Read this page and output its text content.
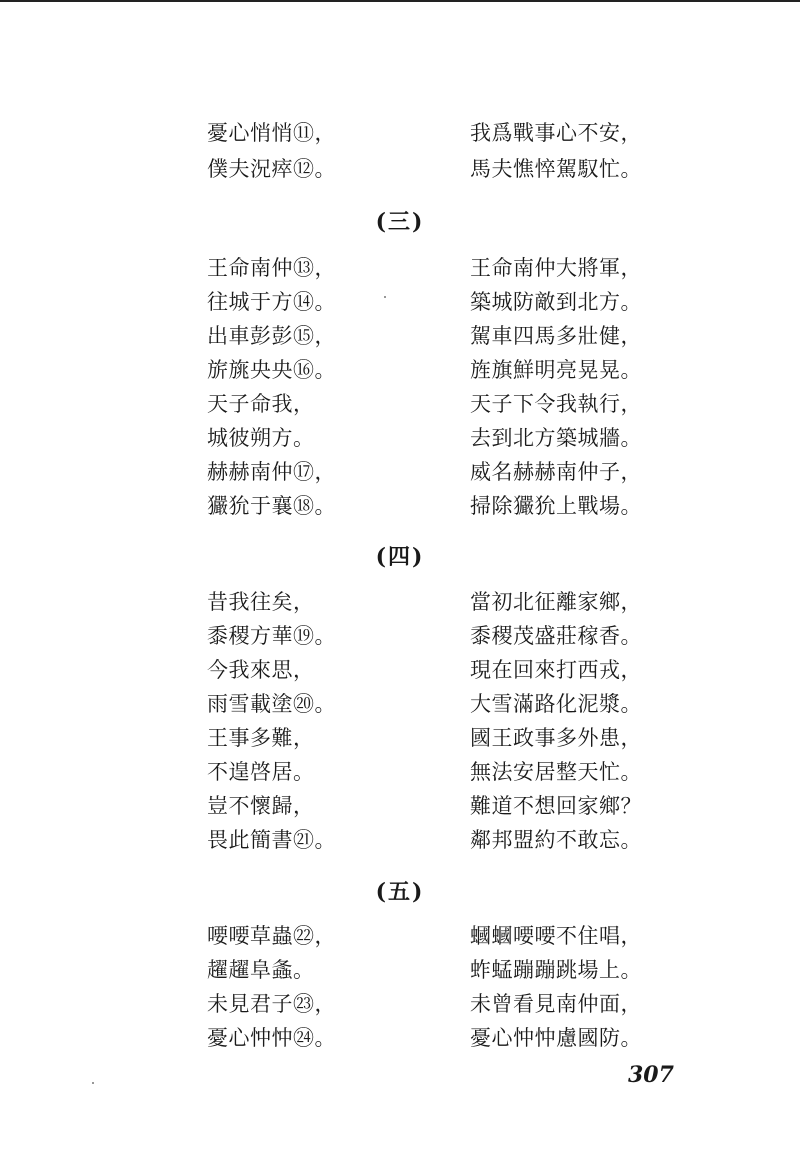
憂心悄悄⑪，	我爲戰事心不安，
僕夫況瘁⑫。	馬夫憔悴駕馭忙。
(三)
王命南仲⑬，	王命南仲大將軍，
往城于方⑭。	築城防敵到北方。
出車彭彭⑮，	駕車四馬多壯健，
旂旐央央⑯。	旌旗鮮明亮晃晃。
天子命我，	天子下令我執行，
城彼朔方。	去到北方築城牆。
赫赫南仲⑰，	威名赫赫南仲子，
玁狁于襄⑱。	掃除玁狁上戰場。
(四)
昔我往矣，	當初北征離家鄉，
黍稷方華⑲。	黍稷茂盛莊稼香。
今我來思，	現在回來打西戎，
雨雪載塗⑳。	大雪滿路化泥漿。
王事多難，	國王政事多外患，
不遑啓居。	無法安居整天忙。
豈不懷歸，	難道不想回家鄉？
畏此簡書㉑。	鄰邦盟約不敢忘。
(五)
喓喓草蟲㉒，	蟈蟈喓喓不住唱，
趯趯阜螽。	蚱蜢蹦蹦跳場上。
未見君子㉓，	未曾看見南仲面，
憂心忡忡㉔。	憂心忡忡慮國防。
307
